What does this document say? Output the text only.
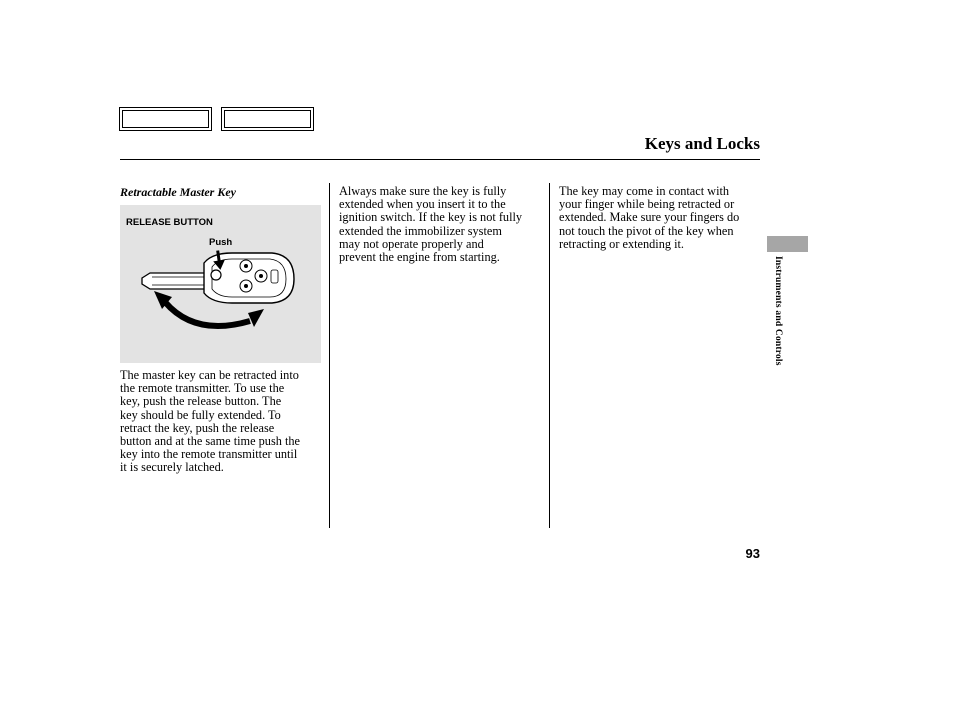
Keys and Locks
Retractable Master Key
RELEASE BUTTON
Push
The master key can be retracted into
the remote transmitter. To use the
key, push the release button. The
key should be fully extended. To
retract the key, push the release
button and at the same time push the
key into the remote transmitter until
it is securely latched.
Always make sure the key is fully
extended when you insert it to the
ignition switch. If the key is not fully
extended the immobilizer system
may not operate properly and
prevent the engine from starting.
The key may come in contact with
your finger while being retracted or
extended. Make sure your fingers do
not touch the pivot of the key when
retracting or extending it.
Instruments and Controls
93
